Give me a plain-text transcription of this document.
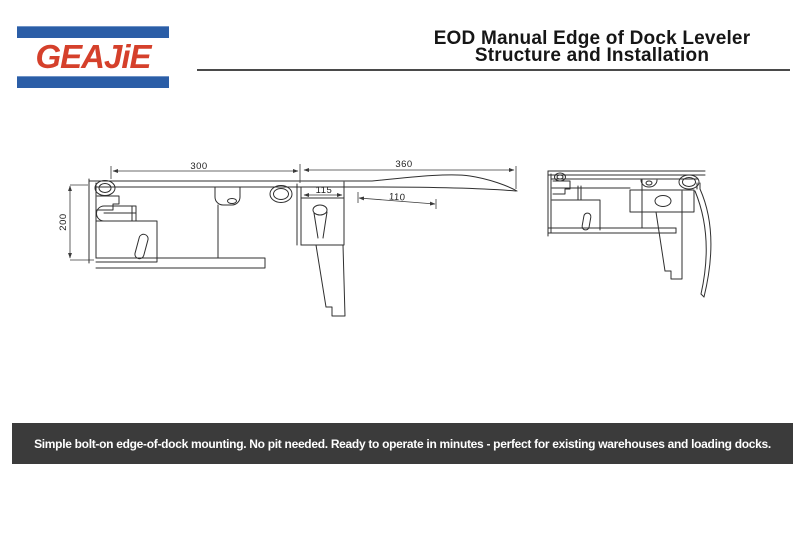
GEAJiE	EOD Manual Edge of Dock Leveler
Structure and Installation
300	360
115
110
200
Simple bolt-on edge-of-dock mounting. No pit needed. Ready to operate in minutes - perfect for existing warehouses and loading docks.
